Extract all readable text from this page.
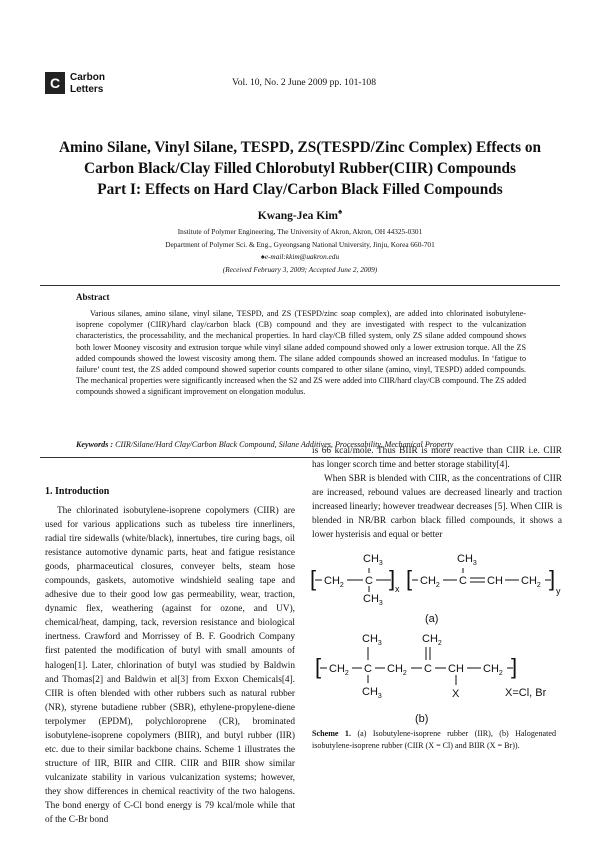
C Carbon
Letters
Vol. 10, No. 2 June 2009 pp. 101-108
Amino Silane, Vinyl Silane, TESPD, ZS(TESPD/Zinc Complex) Effects on
Carbon Black/Clay Filled Chlorobutyl Rubber(CIIR) Compounds
Part I: Effects on Hard Clay/Carbon Black Filled Compounds
Kwang-Jea Kim♠
Institute of Polymer Engineering, The University of Akron, Akron, OH 44325-0301
Department of Polymer Sci. & Eng., Gyeongsang National University, Jinju, Korea 660-701
♠e-mail:kkim@uakron.edu
(Received February 3, 2009; Accepted June 2, 2009)
Abstract
Various silanes, amino silane, vinyl silane, TESPD, and ZS (TESPD/zinc soap complex), are added into chlorinated isobutylene-isoprene copolymer (CIIR)/hard clay/carbon black (CB) compound and they are investigated with respect to the vulcanization characteristics, the processability, and the mechanical properties. In hard clay/CB filled system, only ZS silane added compound shows both lower Mooney viscosity and extrusion torque while vinyl silane added compound showed only a lower extrusion torque. All the ZS added compounds showed the lowest viscosity among them. The silane added compounds showed an increased modulus. In ‘fatigue to failure’ count test, the ZS added compound showed superior counts compared to other silane (amino, vinyl, TESPD) added compounds. The mechanical properties were significantly increased when the S2 and ZS were added into CIIR/hard clay/CB compound. The ZS added compounds showed a significant improvement on elongation modulus.
Keywords : CIIR/Silane/Hard Clay/Carbon Black Compound, Silane Additives, Processability, Mechanical Property
1. Introduction

The chlorinated isobutylene-isoprene copolymers (CIIR) are used for various applications such as tubeless tire innerliners, radial tire sidewalls (white/black), innertubes, tire curing bags, oil resistance automotive dynamic parts, heat and fatigue resistance goods, pharmaceutical closures, conveyer belts, steam hose compounds, gaskets, automotive windshield sealing tape and adhesive due to their good low gas permeability, wear, traction, dynamic flex, weathering (against for ozone, and UV), chemical/heat, damping, tack, reversion resistance and biological inertness. Crawford and Morrissey of B. F. Goodrich Company first patented the modification of butyl with small amounts of halogen[1]. Later, chlorination of butyl was studied by Baldwin and Thomas[2] and Baldwin et al[3] from Exxon Chemicals[4]. CIIR is often blended with other rubbers such as natural rubber (NR), styrene butadiene rubber (SBR), ethylene-propylene-diene terpolymer (EPDM), polychloroprene (CR), brominated isobutylene-isoprene copolymers (BIIR), and butyl rubber (IIR) etc. due to their similar backbone chains. Scheme 1 illustrates the structure of IIR, BIIR and CIIR. CIIR and BIIR show similar vulcanizate stability in various vulcanization systems; however, they show differences in chemical reactivity of the two halogens. The bond energy of C-Cl bond energy is 79 kcal/mole while that of the C-Br bond

is 66 kcal/mole. Thus BIIR is more reactive than CIIR i.e. CIIR has longer scorch time and better storage stability[4].

When SBR is blended with CIIR, as the concentrations of CIIR are increased, rebound values are decreased linearly and traction increased linearly; however treadwear decreases [5]. When CIIR is blended in NR/BR carbon black filled compounds, it shows a lower hysterisis and equal or better

[ $CH_2$ C
$CH_3$
$CH_3$
] x [ $CH_2$ C
$CH_3$
CH $CH_2$ ] y
(a)
[ $CH_2$ C
$CH_3$
$CH_3$
$CH_2$ C
$CH_2$
CH
X
$CH_2$ ]
X=Cl, Br
(b)
Scheme 1. (a) Isobutylene-isoprene rubber (IIR), (b) Halogenated isobutylene-isoprene rubber (CIIR (X = Cl) and BIIR (X = Br)).
